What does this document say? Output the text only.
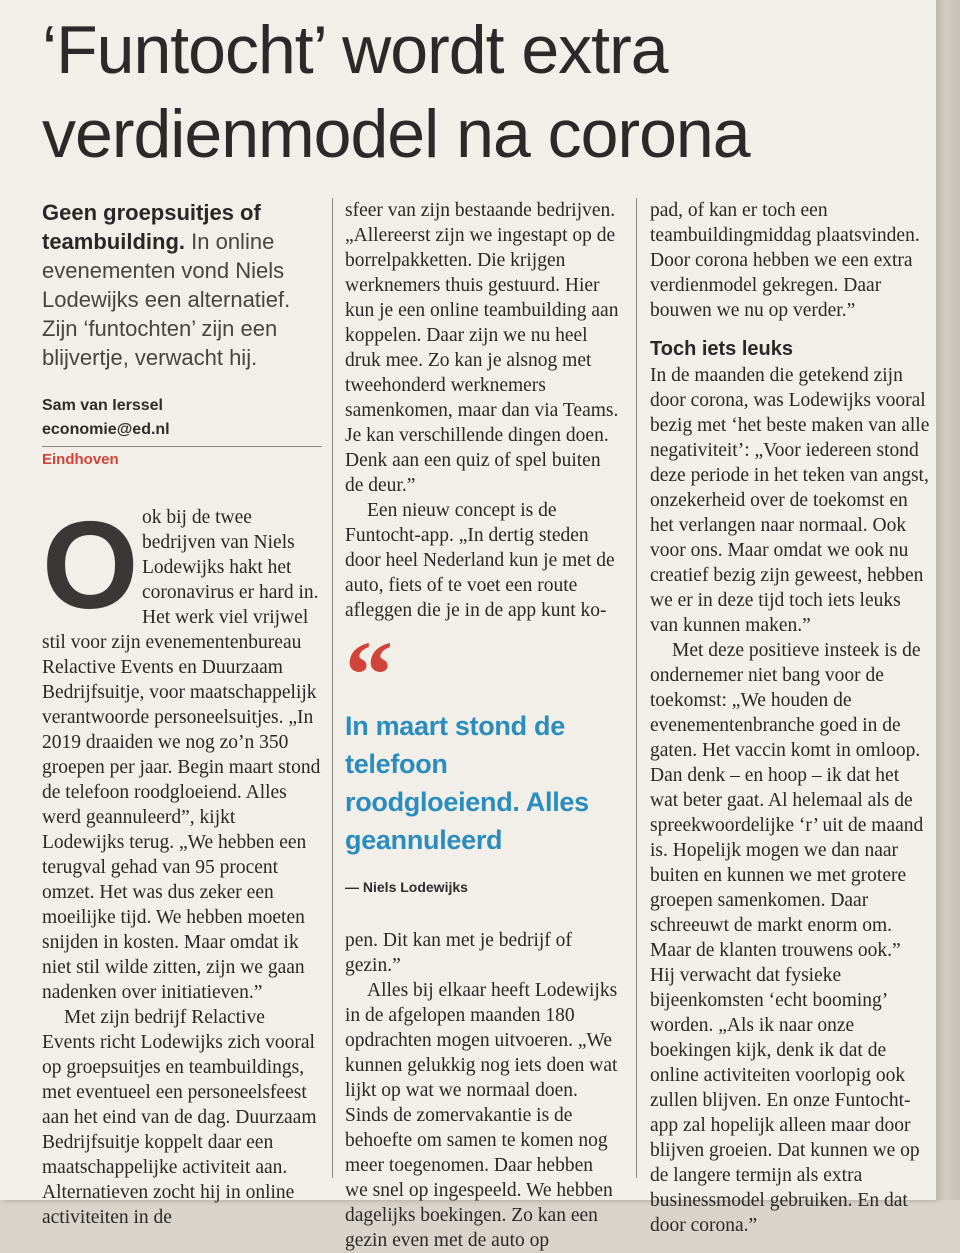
‘Funtocht’ wordt extra
verdienmodel na corona

Geen groepsuitjes of teambuilding. In online evenementen vond Niels Lodewijks een alternatief. Zijn ‘funtochten’ zijn een blijvertje, verwacht hij.

Sam van Ierssel
economie@ed.nl
Eindhoven
O ok bij de twee bedrijven van Niels Lodewijks hakt het coronavirus er hard in. Het werk viel vrijwel stil voor zijn evenementenbureau Relactive Events en Duurzaam Bedrijfsuitje, voor maatschappelijk verantwoorde personeelsuitjes. „In 2019 draaiden we nog zo’n 350 groepen per jaar. Begin maart stond de telefoon roodgloeiend. Alles werd geannuleerd”, kijkt Lodewijks terug. „We hebben een terugval gehad van 95 procent omzet. Het was dus zeker een moeilijke tijd. We hebben moeten snijden in kosten. Maar omdat ik niet stil wilde zitten, zijn we gaan nadenken over initiatieven.”

Met zijn bedrijf Relactive Events richt Lodewijks zich vooral op groepsuitjes en teambuildings, met eventueel een personeelsfeest aan het eind van de dag. Duurzaam Bedrijfsuitje koppelt daar een maatschappelijke activiteit aan. Alternatieven zocht hij in online activiteiten in de

sfeer van zijn bestaande bedrijven. „Allereerst zijn we ingestapt op de borrelpakketten. Die krijgen werknemers thuis gestuurd. Hier kun je een online teambuilding aan koppelen. Daar zijn we nu heel druk mee. Zo kan je alsnog met tweehonderd werknemers samenkomen, maar dan via Teams. Je kan verschillende dingen doen. Denk aan een quiz of spel buiten de deur.”

Een nieuw concept is de Funtocht-app. „In dertig steden door heel Nederland kun je met de auto, fiets of te voet een route afleggen die je in de app kunt ko-

“

In maart stond de telefoon roodgloeiend. Alles geannuleerd

— Niels Lodewijks

pen. Dit kan met je bedrijf of gezin.”

Alles bij elkaar heeft Lodewijks in de afgelopen maanden 180 opdrachten mogen uitvoeren. „We kunnen gelukkig nog iets doen wat lijkt op wat we normaal doen. Sinds de zomervakantie is de behoefte om samen te komen nog meer toegenomen. Daar hebben we snel op ingespeeld. We hebben dagelijks boekingen. Zo kan een gezin even met de auto op

pad, of kan er toch een teambuildingmiddag plaatsvinden. Door corona hebben we een extra verdienmodel gekregen. Daar bouwen we nu op verder.”

Toch iets leuks

In de maanden die getekend zijn door corona, was Lodewijks vooral bezig met ‘het beste maken van alle negativiteit’: „Voor iedereen stond deze periode in het teken van angst, onzekerheid over de toekomst en het verlangen naar normaal. Ook voor ons. Maar omdat we ook nu creatief bezig zijn geweest, hebben we er in deze tijd toch iets leuks van kunnen maken.”

Met deze positieve insteek is de ondernemer niet bang voor de toekomst: „We houden de evenementenbranche goed in de gaten. Het vaccin komt in omloop. Dan denk – en hoop – ik dat het wat beter gaat. Al helemaal als de spreekwoordelijke ‘r’ uit de maand is. Hopelijk mogen we dan naar buiten en kunnen we met grotere groepen samenkomen. Daar schreeuwt de markt enorm om. Maar de klanten trouwens ook.” Hij verwacht dat fysieke bijeenkomsten ‘echt booming’ worden. „Als ik naar onze boekingen kijk, denk ik dat de online activiteiten voorlopig ook zullen blijven. En onze Funtocht-app zal hopelijk alleen maar door blijven groeien. Dat kunnen we op de langere termijn als extra businessmodel gebruiken. En dat door corona.”
